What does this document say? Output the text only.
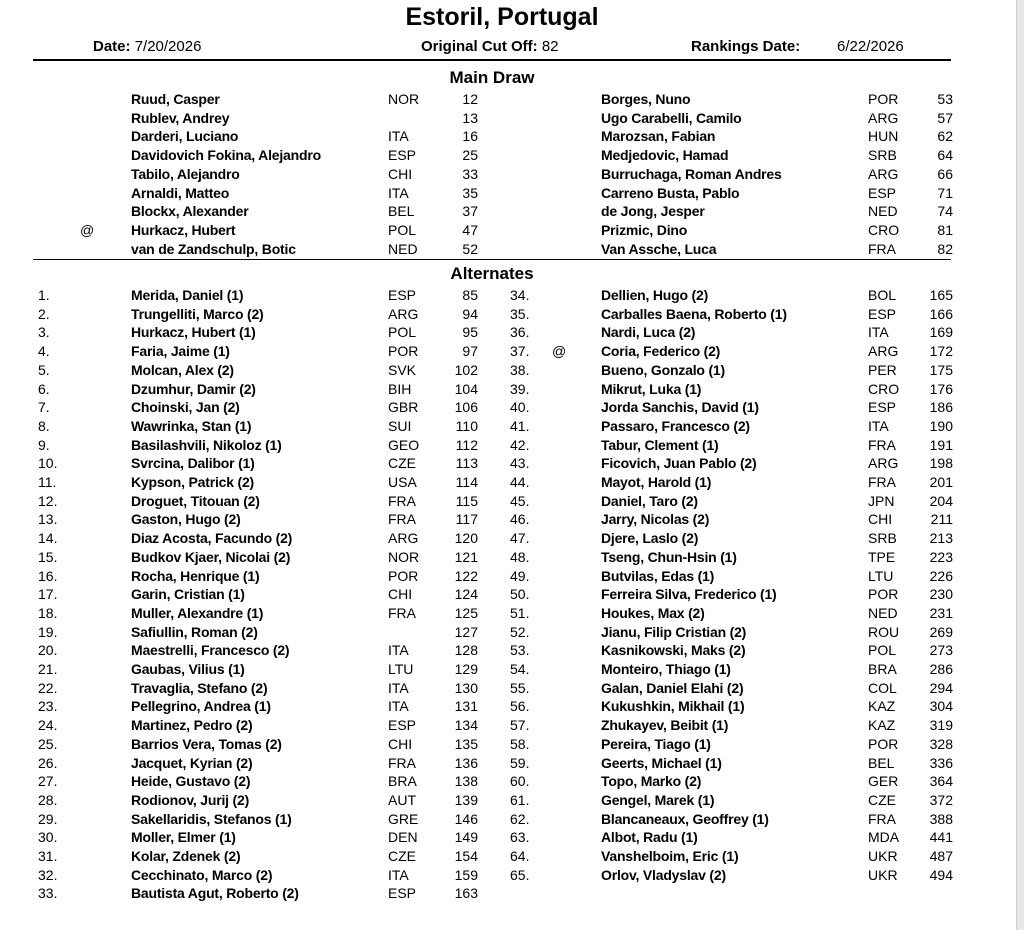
Estoril, Portugal
Date: 7/20/2026	Original Cut Off: 82	Rankings Date: 6/22/2026
Main Draw
Ruud, Casper	NOR	12	Borges, Nuno	POR	53
Rublev, Andrey	13	Ugo Carabelli, Camilo	ARG	57
Darderi, Luciano	ITA	16	Marozsan, Fabian	HUN	62
Davidovich Fokina, Alejandro	ESP	25	Medjedovic, Hamad	SRB	64
Tabilo, Alejandro	CHI	33	Burruchaga, Roman Andres	ARG	66
Arnaldi, Matteo	ITA	35	Carreno Busta, Pablo	ESP	71
Blockx, Alexander	BEL	37	de Jong, Jesper	NED	74
@	Hurkacz, Hubert	POL	47	Prizmic, Dino	CRO	81
van de Zandschulp, Botic	NED	52	Van Assche, Luca	FRA	82
Alternates
1.	Merida, Daniel (1)	ESP	85 34.	Dellien, Hugo (2)	BOL	165
2.	Trungelliti, Marco (2)	ARG	94 35.	Carballes Baena, Roberto (1)	ESP	166
3.	Hurkacz, Hubert (1)	POL	95 36.	Nardi, Luca (2)	ITA	169
4.	Faria, Jaime (1)	POR	97 37. @ Coria, Federico (2)	ARG	172
5.	Molcan, Alex (2)	SVK	102 38.	Bueno, Gonzalo (1)	PER	175
6.	Dzumhur, Damir (2)	BIH	104 39.	Mikrut, Luka (1)	CRO	176
7.	Choinski, Jan (2)	GBR	106 40.	Jorda Sanchis, David (1)	ESP	186
8.	Wawrinka, Stan (1)	SUI	110 41.	Passaro, Francesco (2)	ITA	190
9.	Basilashvili, Nikoloz (1)	GEO	112 42.	Tabur, Clement (1)	FRA	191
10.	Svrcina, Dalibor (1)	CZE	113 43.	Ficovich, Juan Pablo (2)	ARG	198
11.	Kypson, Patrick (2)	USA	114 44.	Mayot, Harold (1)	FRA	201
12.	Droguet, Titouan (2)	FRA	115 45.	Daniel, Taro (2)	JPN	204
13.	Gaston, Hugo (2)	FRA	117 46.	Jarry, Nicolas (2)	CHI	211
14.	Diaz Acosta, Facundo (2)	ARG	120 47.	Djere, Laslo (2)	SRB	213
15.	Budkov Kjaer, Nicolai (2)	NOR	121 48.	Tseng, Chun-Hsin (1)	TPE	223
16.	Rocha, Henrique (1)	POR	122 49.	Butvilas, Edas (1)	LTU	226
17.	Garin, Cristian (1)	CHI	124 50.	Ferreira Silva, Frederico (1)	POR	230
18.	Muller, Alexandre (1)	FRA	125 51.	Houkes, Max (2)	NED	231
19.	Safiullin, Roman (2)	127 52.	Jianu, Filip Cristian (2)	ROU	269
20.	Maestrelli, Francesco (2)	ITA	128 53.	Kasnikowski, Maks (2)	POL	273
21.	Gaubas, Vilius (1)	LTU	129 54.	Monteiro, Thiago (1)	BRA	286
22.	Travaglia, Stefano (2)	ITA	130 55.	Galan, Daniel Elahi (2)	COL	294
23.	Pellegrino, Andrea (1)	ITA	131 56.	Kukushkin, Mikhail (1)	KAZ	304
24.	Martinez, Pedro (2)	ESP	134 57.	Zhukayev, Beibit (1)	KAZ	319
25.	Barrios Vera, Tomas (2)	CHI	135 58.	Pereira, Tiago (1)	POR	328
26.	Jacquet, Kyrian (2)	FRA	136 59.	Geerts, Michael (1)	BEL	336
27.	Heide, Gustavo (2)	BRA	138 60.	Topo, Marko (2)	GER	364
28.	Rodionov, Jurij (2)	AUT	139 61.	Gengel, Marek (1)	CZE	372
29.	Sakellaridis, Stefanos (1)	GRE	146 62.	Blancaneaux, Geoffrey (1)	FRA	388
30.	Moller, Elmer (1)	DEN	149 63.	Albot, Radu (1)	MDA	441
31.	Kolar, Zdenek (2)	CZE	154 64.	Vanshelboim, Eric (1)	UKR	487
32.	Cecchinato, Marco (2)	ITA	159 65.	Orlov, Vladyslav (2)	UKR	494
33.	Bautista Agut, Roberto (2)	ESP	163
